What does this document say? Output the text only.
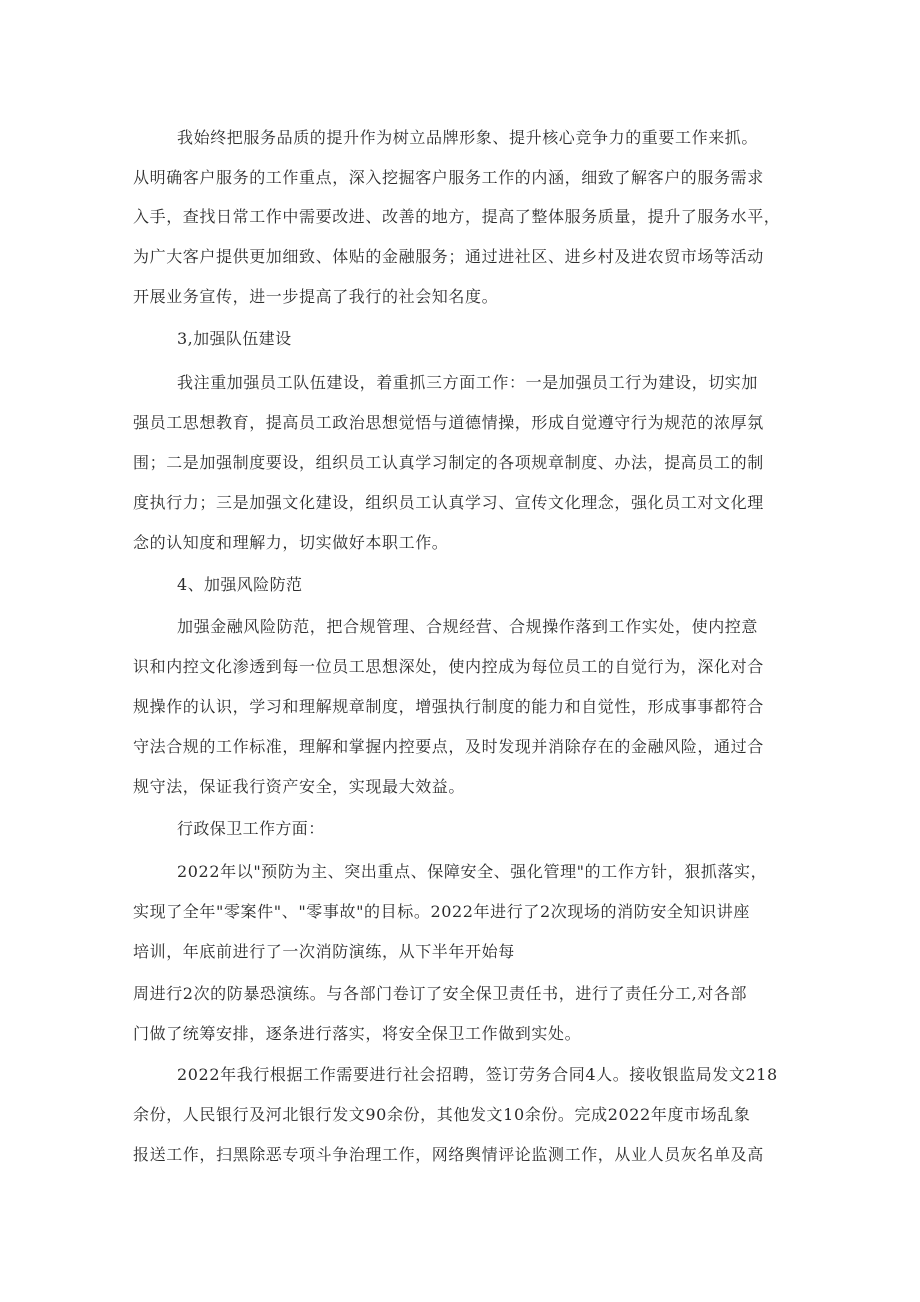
我始终把服务品质的提升作为树立品牌形象、提升核心竞争力的重要工作来抓。
从明确客户服务的工作重点，深入挖掘客户服务工作的内涵，细致了解客户的服务需求
入手，查找日常工作中需要改进、改善的地方，提高了整体服务质量，提升了服务水平，
为广大客户提供更加细致、体贴的金融服务；通过进社区、进乡村及进农贸市场等活动
开展业务宣传，进一步提高了我行的社会知名度。
3,加强队伍建设
我注重加强员工队伍建设，着重抓三方面工作：一是加强员工行为建设，切实加
强员工思想教育，提高员工政治思想觉悟与道德情操，形成自觉遵守行为规范的浓厚氛
围；二是加强制度要设，组织员工认真学习制定的各项规章制度、办法，提高员工的制
度执行力；三是加强文化建设，组织员工认真学习、宣传文化理念，强化员工对文化理
念的认知度和理解力，切实做好本职工作。
4、加强风险防范
加强金融风险防范，把合规管理、合规经营、合规操作落到工作实处，使内控意
识和内控文化渗透到每一位员工思想深处，使内控成为每位员工的自觉行为，深化对合
规操作的认识，学习和理解规章制度，增强执行制度的能力和自觉性，形成事事都符合
守法合规的工作标准，理解和掌握内控要点，及时发现并消除存在的金融风险，通过合
规守法，保证我行资产安全，实现最大效益。
行政保卫工作方面：
2022年以"预防为主、突出重点、保障安全、强化管理"的工作方针，狠抓落实，
实现了全年"零案件"、"零事故"的目标。2022年进行了2次现场的消防安全知识讲座
培训，年底前进行了一次消防演练，从下半年开始每
周进行2次的防暴恐演练。与各部门卷订了安全保卫责任书，进行了责任分工,对各部
门做了统筹安排，逐条进行落实，将安全保卫工作做到实处。
2022年我行根据工作需要进行社会招聘，签订劳务合同4人。接收银监局发文218
余份，人民银行及河北银行发文90余份，其他发文10余份。完成2022年度市场乱象
报送工作，扫黑除恶专项斗争治理工作，网络舆情评论监测工作，从业人员灰名单及高
